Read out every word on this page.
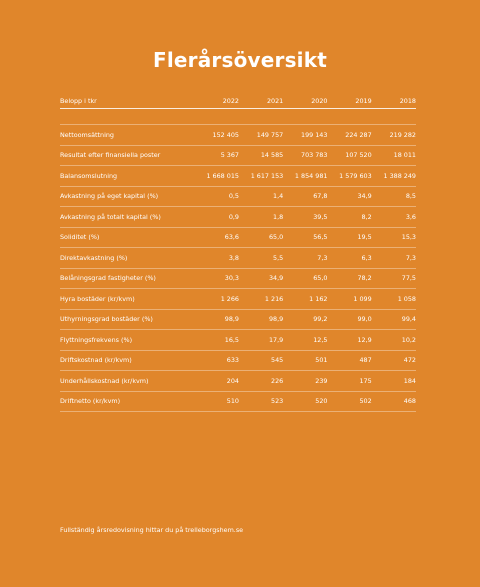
Flerårsöversikt
Belopp i tkr	2022	2021	2020	2019	2018

Nettoomsättning	152 405	149 757	199 143	224 287	219 282
Resultat efter finansiella poster	5 367	14 585	703 783	107 520	18 011
Balansomslutning	1 668 015	1 617 153	1 854 981	1 579 603	1 388 249
Avkastning på eget kapital (%)	0,5	1,4	67,8	34,9	8,5
Avkastning på totalt kapital (%)	0,9	1,8	39,5	8,2	3,6
Soliditet (%)	63,6	65,0	56,5	19,5	15,3
Direktavkastning (%)	3,8	5,5	7,3	6,3	7,3
Belåningsgrad fastigheter (%)	30,3	34,9	65,0	78,2	77,5
Hyra bostäder (kr/kvm)	1 266	1 216	1 162	1 099	1 058
Uthyrningsgrad bostäder (%)	98,9	98,9	99,2	99,0	99,4
Flyttningsfrekvens (%)	16,5	17,9	12,5	12,9	10,2
Driftskostnad (kr/kvm)	633	545	501	487	472
Underhållskostnad (kr/kvm)	204	226	239	175	184
Driftnetto (kr/kvm)	510	523	520	502	468
Fullständig årsredovisning hittar du på trelleborgshem.se
